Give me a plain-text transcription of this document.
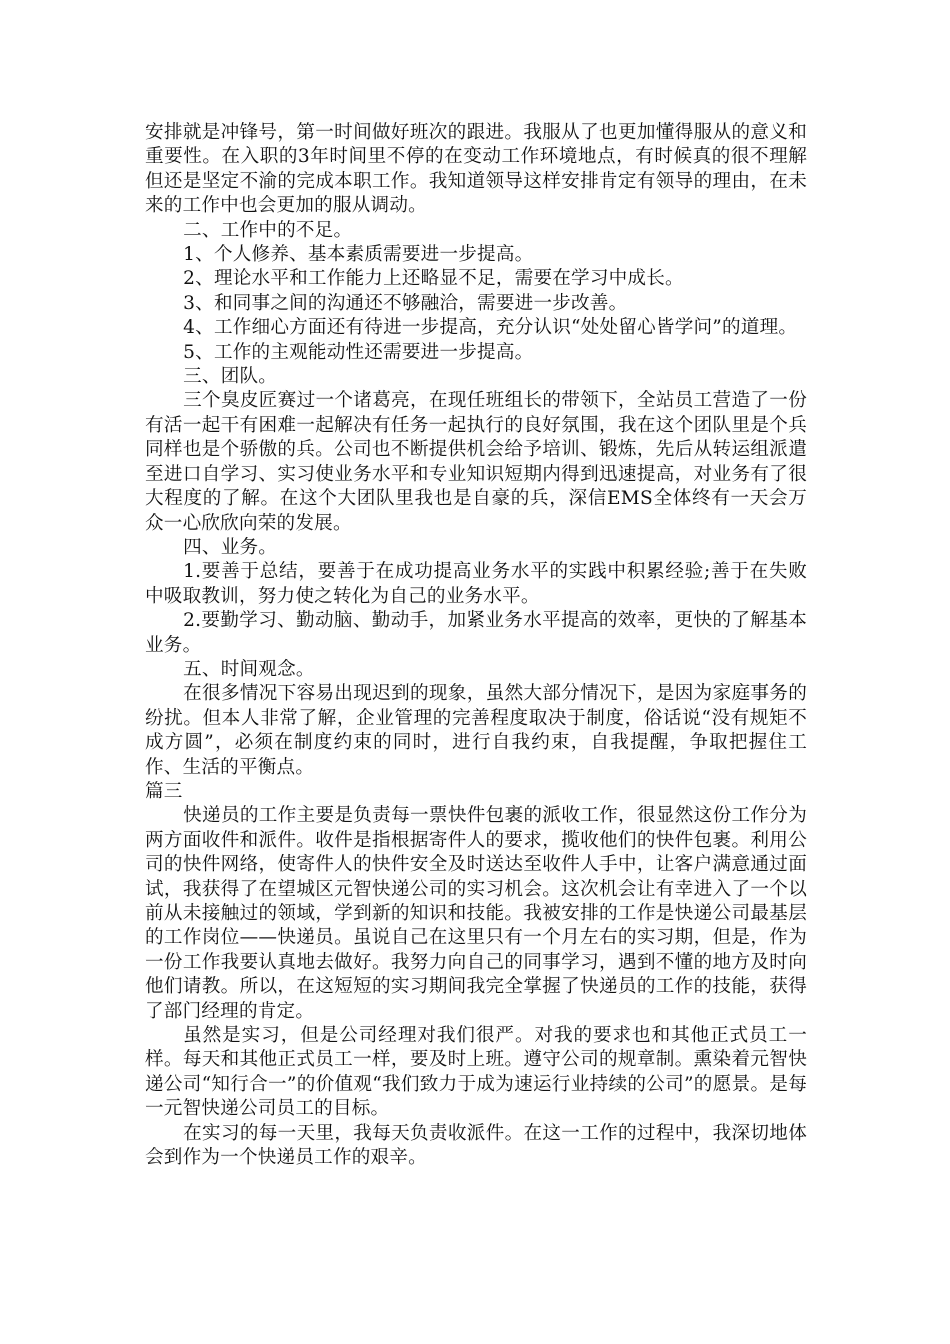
安排就是冲锋号，第一时间做好班次的跟进。我服从了也更加懂得服从的意义和重要性。在入职的3年时间里不停的在变动工作环境地点，有时候真的很不理解但还是坚定不渝的完成本职工作。我知道领导这样安排肯定有领导的理由，在未来的工作中也会更加的服从调动。

二、工作中的不足。

1、个人修养、基本素质需要进一步提高。

2、理论水平和工作能力上还略显不足，需要在学习中成长。

3、和同事之间的沟通还不够融洽，需要进一步改善。

4、工作细心方面还有待进一步提高，充分认识“处处留心皆学问”的道理。

5、工作的主观能动性还需要进一步提高。

三、团队。

三个臭皮匠赛过一个诸葛亮，在现任班组长的带领下，全站员工营造了一份有活一起干有困难一起解决有任务一起执行的良好氛围，我在这个团队里是个兵同样也是个骄傲的兵。公司也不断提供机会给予培训、锻炼，先后从转运组派遣至进口自学习、实习使业务水平和专业知识短期内得到迅速提高，对业务有了很大程度的了解。在这个大团队里我也是自豪的兵，深信EMS全体终有一天会万众一心欣欣向荣的发展。

四、业务。

1.要善于总结，要善于在成功提高业务水平的实践中积累经验;善于在失败中吸取教训，努力使之转化为自己的业务水平。

2.要勤学习、勤动脑、勤动手，加紧业务水平提高的效率，更快的了解基本业务。

五、时间观念。

在很多情况下容易出现迟到的现象，虽然大部分情况下，是因为家庭事务的纷扰。但本人非常了解，企业管理的完善程度取决于制度，俗话说“没有规矩不成方圆”，必须在制度约束的同时，进行自我约束，自我提醒，争取把握住工作、生活的平衡点。

篇三

快递员的工作主要是负责每一票快件包裹的派收工作，很显然这份工作分为两方面收件和派件。收件是指根据寄件人的要求，揽收他们的快件包裹。利用公司的快件网络，使寄件人的快件安全及时送达至收件人手中，让客户满意通过面试，我获得了在望城区元智快递公司的实习机会。这次机会让有幸进入了一个以前从未接触过的领域，学到新的知识和技能。我被安排的工作是快递公司最基层的工作岗位——快递员。虽说自己在这里只有一个月左右的实习期，但是，作为一份工作我要认真地去做好。我努力向自己的同事学习，遇到不懂的地方及时向他们请教。所以，在这短短的实习期间我完全掌握了快递员的工作的技能，获得了部门经理的肯定。

虽然是实习，但是公司经理对我们很严。对我的要求也和其他正式员工一样。每天和其他正式员工一样，要及时上班。遵守公司的规章制。熏染着元智快递公司“知行合一”的价值观“我们致力于成为速运行业持续的公司”的愿景。是每一元智快递公司员工的目标。

在实习的每一天里，我每天负责收派件。在这一工作的过程中，我深切地体会到作为一个快递员工作的艰辛。
